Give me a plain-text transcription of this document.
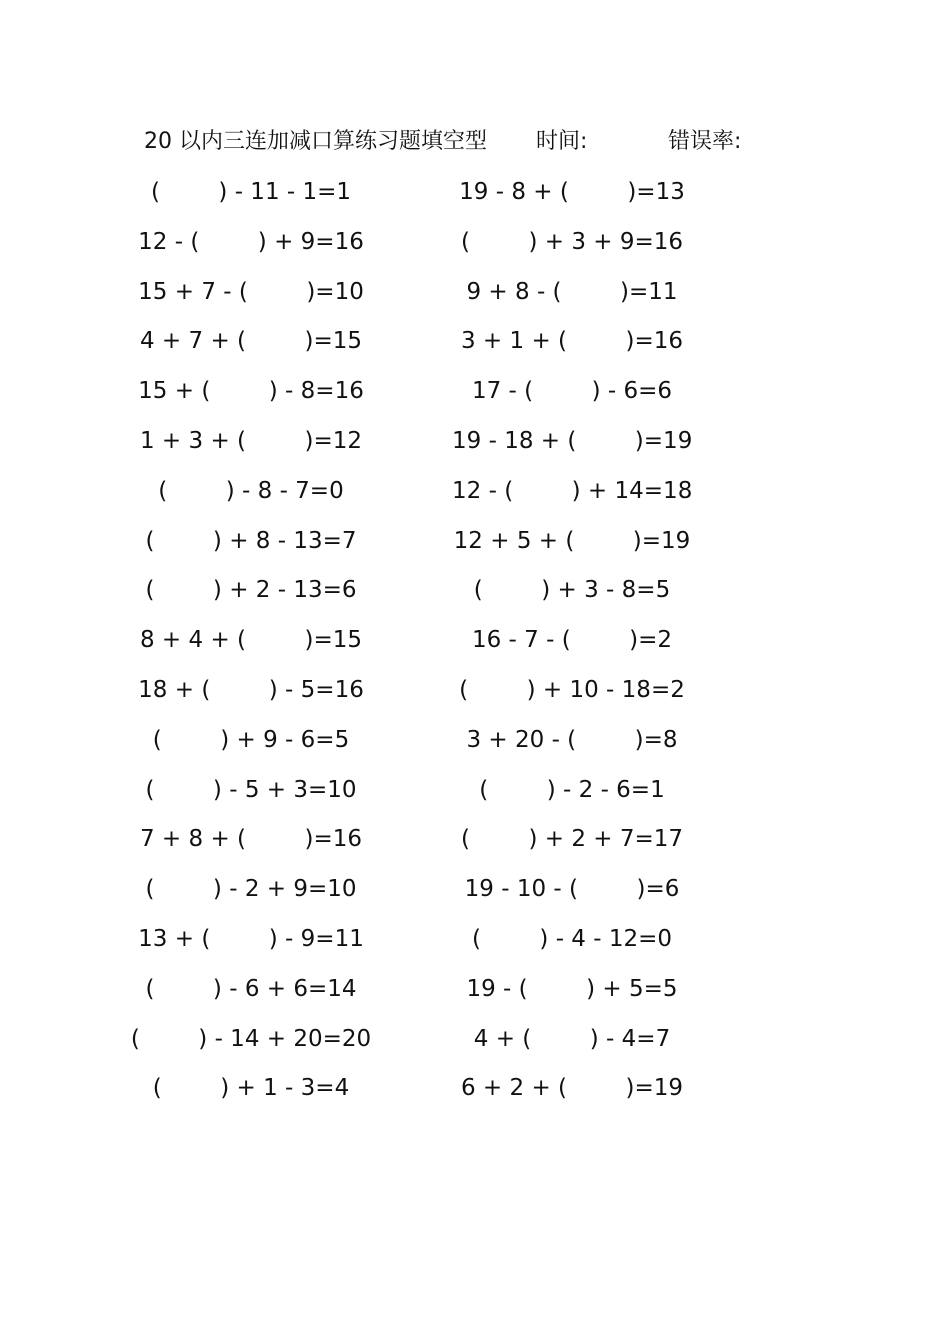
20 以内三连加减口算练习题填空型 时间:	错误率:
(        ) - 11 - 1=1	19 - 8 + (        )=13
12 - (        ) + 9=16	(        ) + 3 + 9=16
15 + 7 - (        )=10	9 + 8 - (        )=11
4 + 7 + (        )=15	3 + 1 + (        )=16
15 + (        ) - 8=16	17 - (        ) - 6=6
1 + 3 + (        )=12	19 - 18 + (        )=19
(        ) - 8 - 7=0	12 - (        ) + 14=18
(        ) + 8 - 13=7	12 + 5 + (        )=19
(        ) + 2 - 13=6	(        ) + 3 - 8=5
8 + 4 + (        )=15	16 - 7 - (        )=2
18 + (        ) - 5=16	(        ) + 10 - 18=2
(        ) + 9 - 6=5	3 + 20 - (        )=8
(        ) - 5 + 3=10	(        ) - 2 - 6=1
7 + 8 + (        )=16	(        ) + 2 + 7=17
(        ) - 2 + 9=10	19 - 10 - (        )=6
13 + (        ) - 9=11	(        ) - 4 - 12=0
(        ) - 6 + 6=14	19 - (        ) + 5=5
(        ) - 14 + 20=20	4 + (        ) - 4=7
(        ) + 1 - 3=4	6 + 2 + (        )=19
